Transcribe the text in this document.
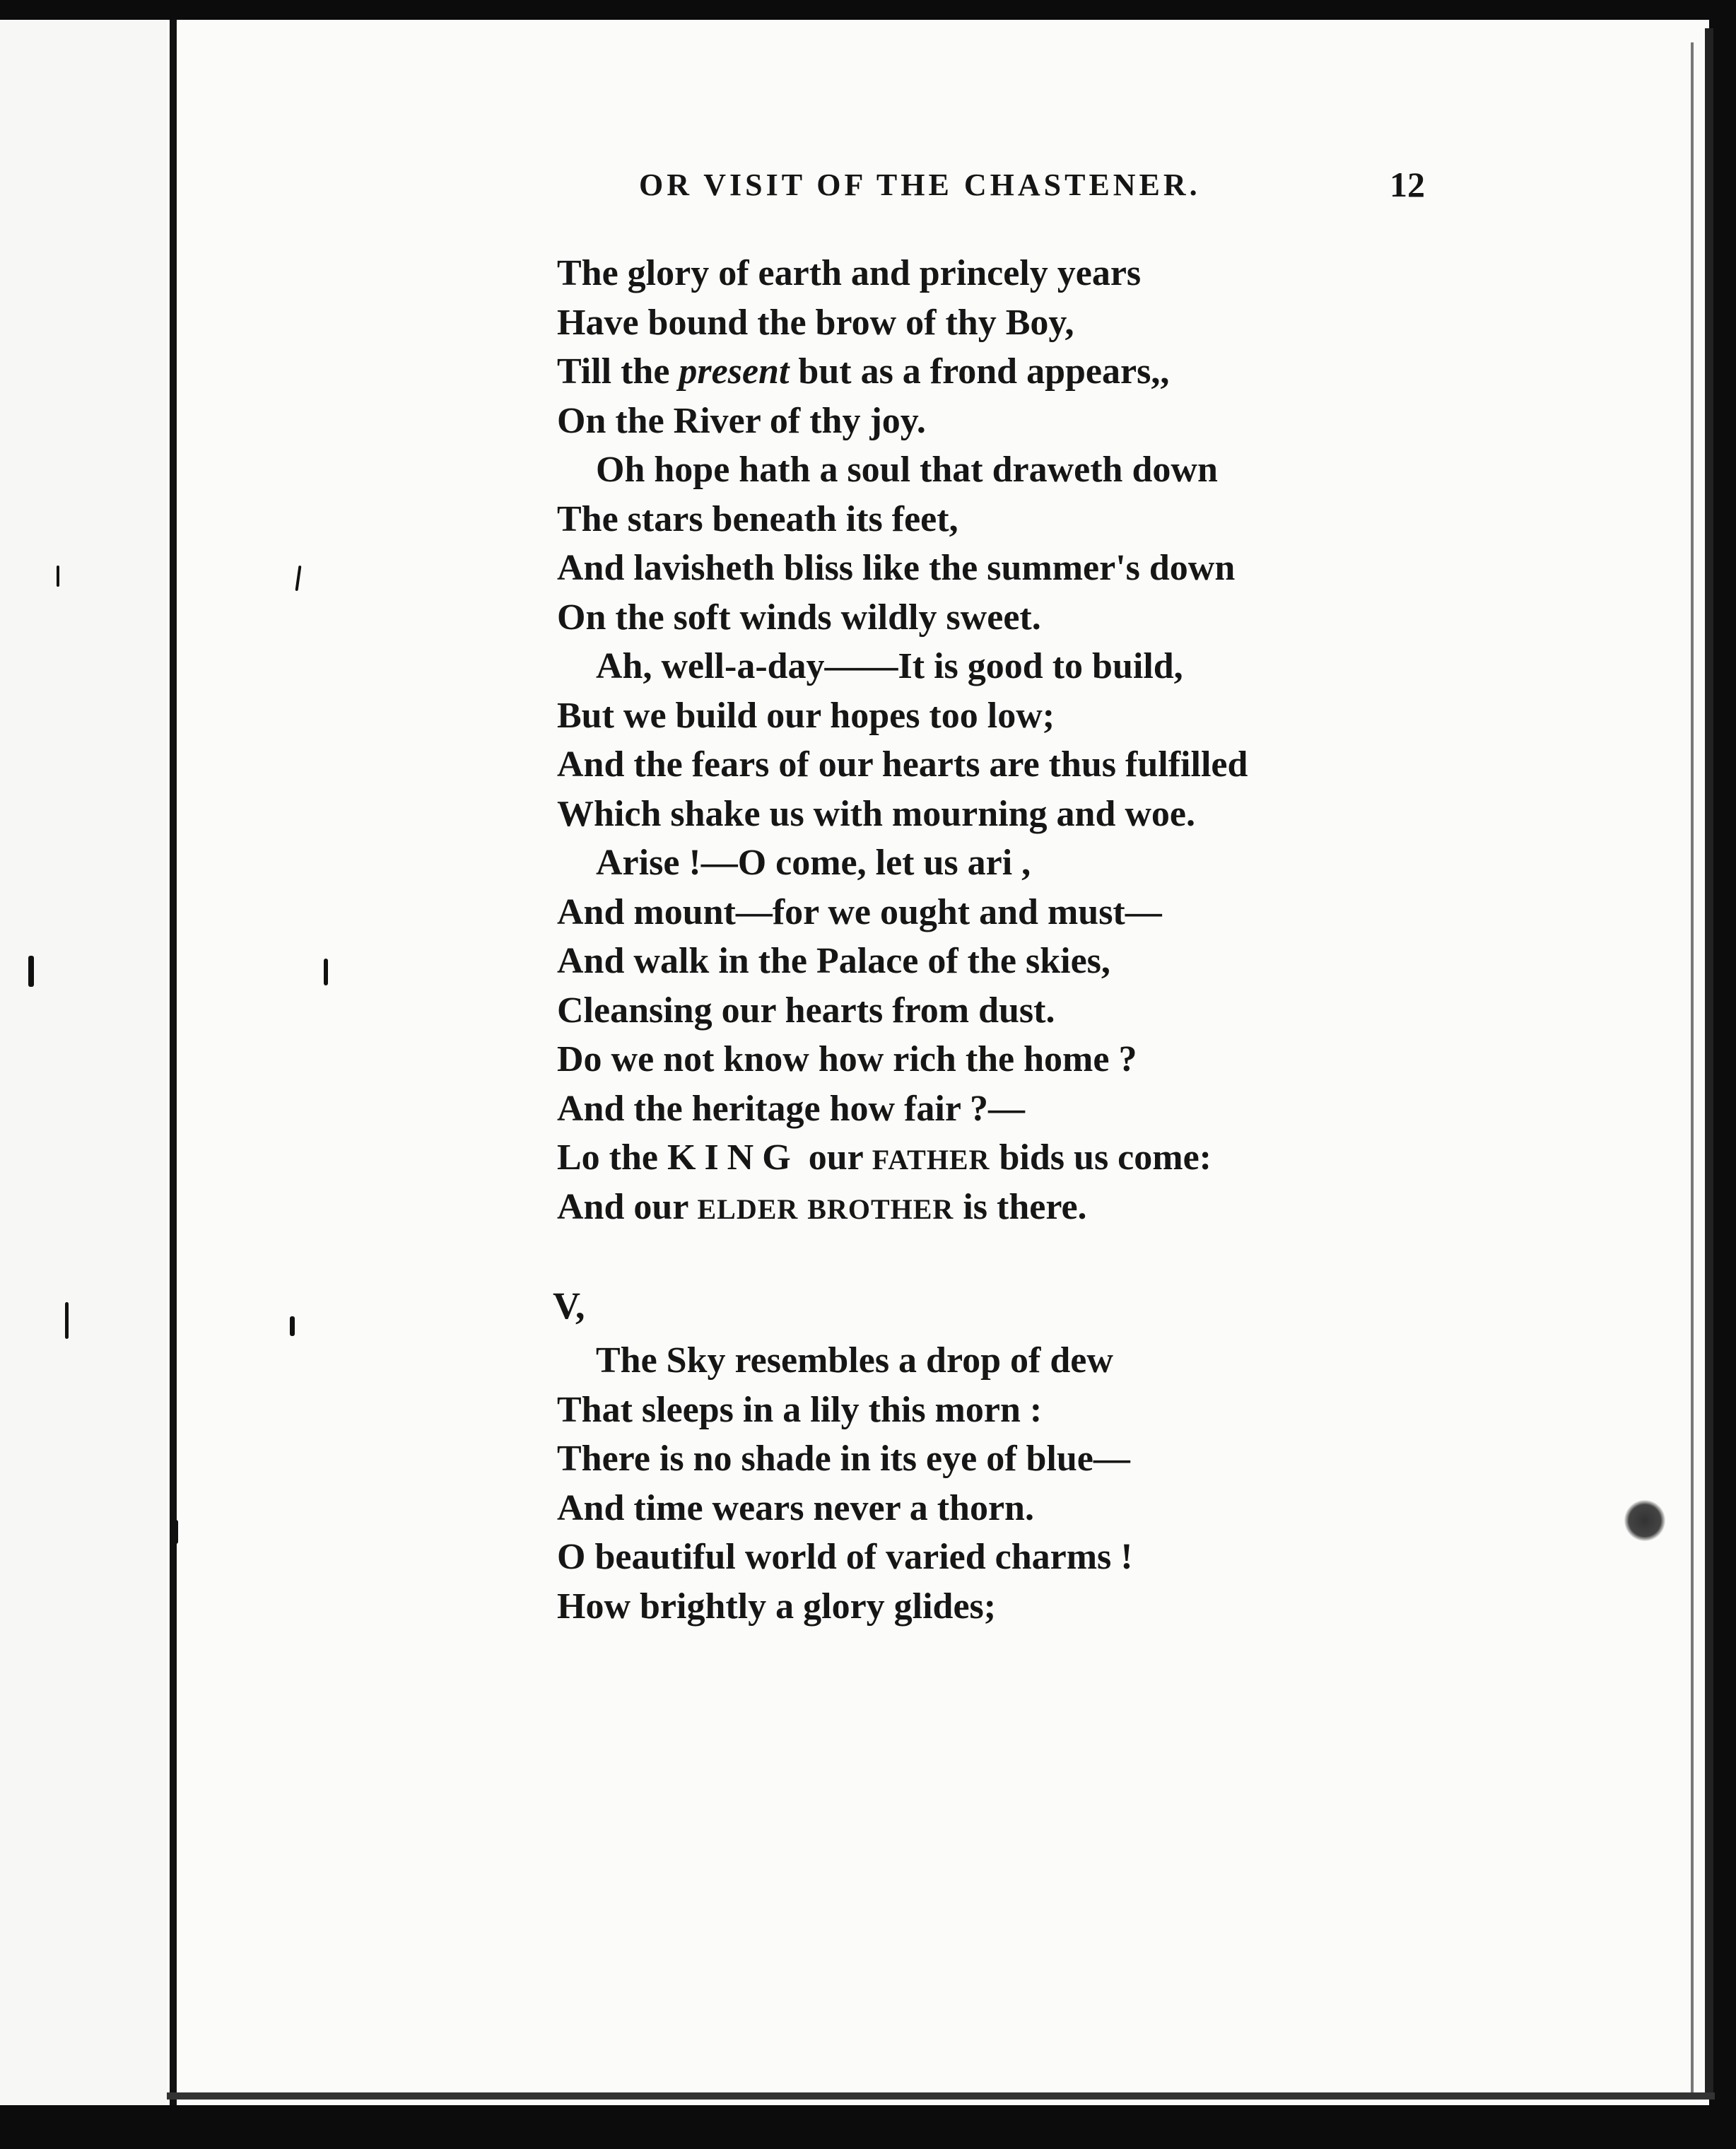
OR VISIT OF THE CHASTENER.	12
The glory of earth and princely years
Have bound the brow of thy Boy,
Till the present but as a frond appears,,
On the River of thy joy.
Oh hope hath a soul that draweth down
The stars beneath its feet,
And lavisheth bliss like the summer's down
On the soft winds wildly sweet.
Ah, well-a-day——It is good to build,
But we build our hopes too low;
And the fears of our hearts are thus fulfilled
Which shake us with mourning and woe.
Arise !—O come, let us ari ,
And mount—for we ought and must—
And walk in the Palace of the skies,
Cleansing our hearts from dust.
Do we not know how rich the home ?
And the heritage how fair ?—
Lo the KING our FATHER bids us come:
And our ELDER BROTHER is there.
V,
The Sky resembles a drop of dew
That sleeps in a lily this morn :
There is no shade in its eye of blue—
And time wears never a thorn.
O beautiful world of varied charms !
How brightly a glory glides;
